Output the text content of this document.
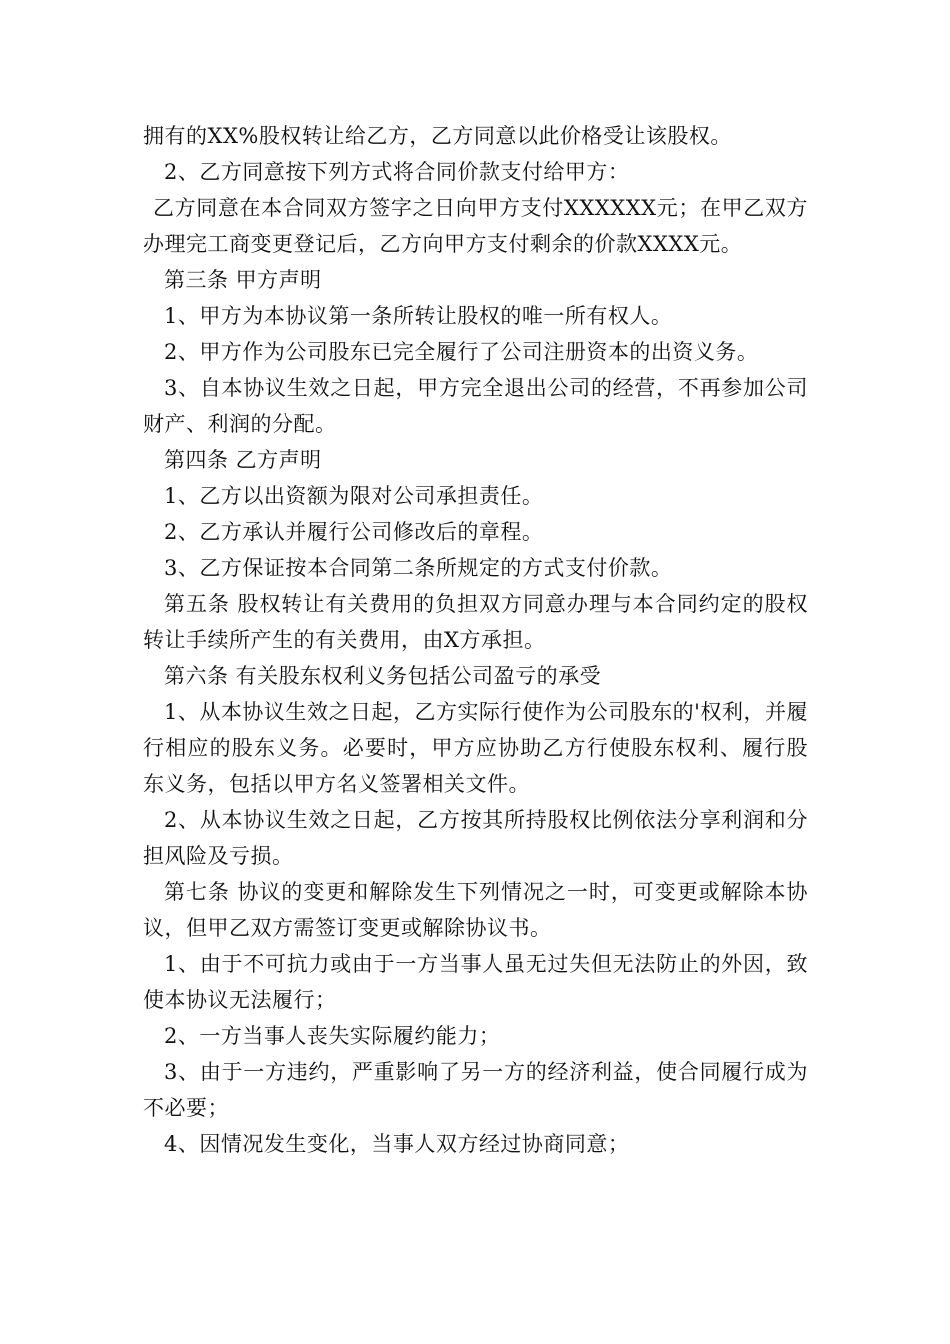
拥有的XX%股权转让给乙方，乙方同意以此价格受让该股权。

2、乙方同意按下列方式将合同价款支付给甲方：

乙方同意在本合同双方签字之日向甲方支付XXXXXX元；在甲乙双方办理完工商变更登记后，乙方向甲方支付剩余的价款XXXX元。

第三条 甲方声明

1、甲方为本协议第一条所转让股权的唯一所有权人。

2、甲方作为公司股东已完全履行了公司注册资本的出资义务。

3、自本协议生效之日起，甲方完全退出公司的经营，不再参加公司财产、利润的分配。

第四条 乙方声明

1、乙方以出资额为限对公司承担责任。

2、乙方承认并履行公司修改后的章程。

3、乙方保证按本合同第二条所规定的方式支付价款。

第五条 股权转让有关费用的负担双方同意办理与本合同约定的股权转让手续所产生的有关费用，由X方承担。

第六条 有关股东权利义务包括公司盈亏的承受

1、从本协议生效之日起，乙方实际行使作为公司股东的'权利，并履行相应的股东义务。必要时，甲方应协助乙方行使股东权利、履行股东义务，包括以甲方名义签署相关文件。

2、从本协议生效之日起，乙方按其所持股权比例依法分享利润和分担风险及亏损。

第七条 协议的变更和解除发生下列情况之一时，可变更或解除本协议，但甲乙双方需签订变更或解除协议书。

1、由于不可抗力或由于一方当事人虽无过失但无法防止的外因，致使本协议无法履行；

2、一方当事人丧失实际履约能力；

3、由于一方违约，严重影响了另一方的经济利益，使合同履行成为不必要；

4、因情况发生变化，当事人双方经过协商同意；
